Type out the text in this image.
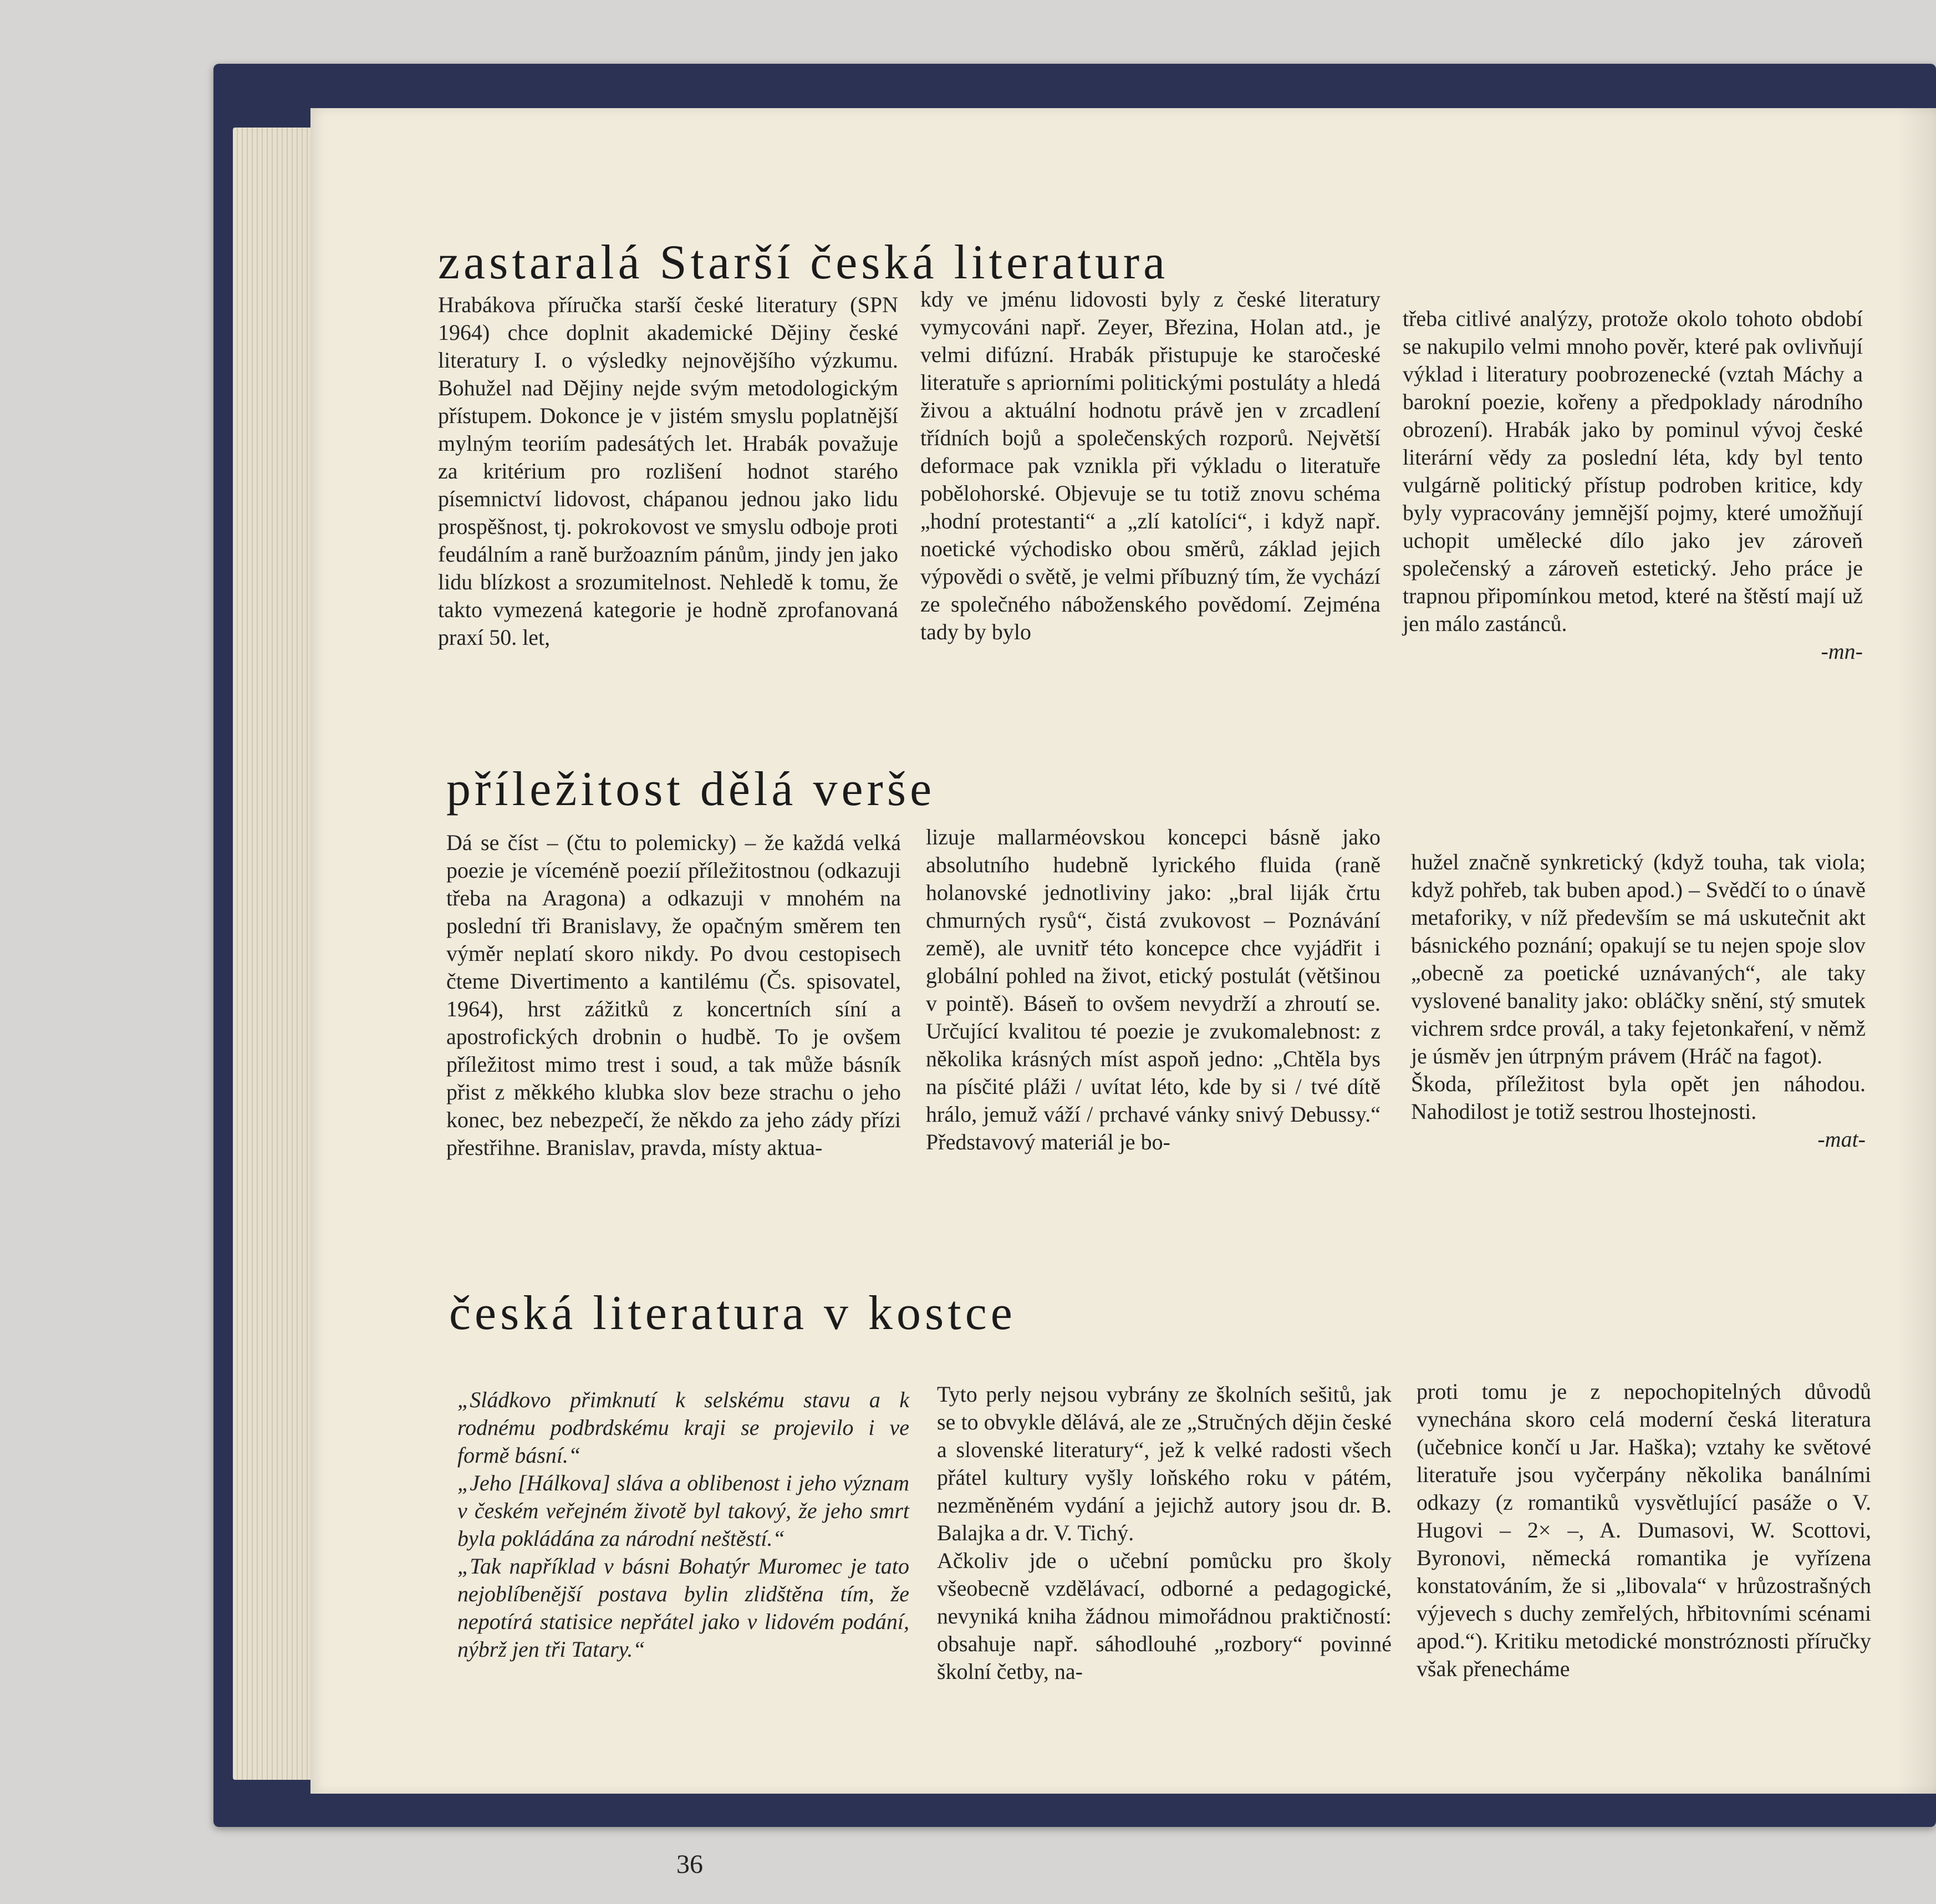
zastaralá Starší česká literatura
Hrabákova příručka starší české literatury (SPN 1964) chce doplnit akademické Dějiny české literatury I. o výsledky nejnovějšího výzkumu. Bohužel nad Dějiny nejde svým metodologickým přístupem. Dokonce je v jistém smyslu poplatnější mylným teoriím padesátých let. Hrabák považuje za kritérium pro rozlišení hodnot starého písemnictví lidovost, chápanou jednou jako lidu prospěšnost, tj. pokrokovost ve smyslu odboje proti feudálním a raně buržoazním pánům, jindy jen jako lidu blízkost a srozumitelnost. Nehledě k tomu, že takto vymezená kategorie je hodně zprofanovaná praxí 50. let,
kdy ve jménu lidovosti byly z české literatury vymycováni např. Zeyer, Březina, Holan atd., je velmi difúzní. Hrabák přistupuje ke staročeské literatuře s apriorními politickými postuláty a hledá živou a aktuální hodnotu právě jen v zrcadlení třídních bojů a společenských rozporů. Největší deformace pak vznikla při výkladu o literatuře pobělohorské. Objevuje se tu totiž znovu schéma „hodní protestanti“ a „zlí katolíci“, i když např. noetické východisko obou směrů, základ jejich výpovědi o světě, je velmi příbuzný tím, že vychází ze společného náboženského povědomí. Zejména tady by bylo

třeba citlivé analýzy, protože okolo tohoto období se nakupilo velmi mnoho pověr, které pak ovlivňují výklad i literatury poobrozenecké (vztah Máchy a barokní poezie, kořeny a předpoklady národního obrození). Hrabák jako by pominul vývoj české literární vědy za poslední léta, kdy byl tento vulgárně politický přístup podroben kritice, kdy byly vypracovány jemnější pojmy, které umožňují uchopit umělecké dílo jako jev zároveň společenský a zároveň estetický. Jeho práce je trapnou připomínkou metod, které na štěstí mají už jen málo zastánců.

-mn-

příležitost dělá verše
Dá se číst – (čtu to polemicky) – že každá velká poezie je víceméně poezií příležitostnou (odkazuji třeba na Aragona) a odkazuji v mnohém na poslední tři Branislavy, že opačným směrem ten výměr neplatí skoro nikdy. Po dvou cestopisech čteme Divertimento a kantilému (Čs. spisovatel, 1964), hrst zážitků z koncertních síní a apostrofických drobnin o hudbě. To je ovšem příležitost mimo trest i soud, a tak může básník přist z měkkého klubka slov beze strachu o jeho konec, bez nebezpečí, že někdo za jeho zády přízi přestřihne. Branislav, pravda, místy aktua-
lizuje mallarméovskou koncepci básně jako absolutního hudebně lyrického fluida (raně holanovské jednotliviny jako: „bral liják črtu chmurných rysů“, čistá zvukovost – Poznávání země), ale uvnitř této koncepce chce vyjádřit i globální pohled na život, etický postulát (většinou v pointě). Báseň to ovšem nevydrží a zhroutí se. Určující kvalitou té poezie je zvukomalebnost: z několika krásných míst aspoň jedno: „Chtěla bys na písčité pláži / uvítat léto, kde by si / tvé dítě hrálo, jemuž váží / prchavé vánky snivý Debussy.“ Představový materiál je bo-

hužel značně synkretický (když touha, tak viola; když pohřeb, tak buben apod.) – Svědčí to o únavě metaforiky, v níž především se má uskutečnit akt básnického poznání; opakují se tu nejen spoje slov „obecně za poetické uznávaných“, ale taky vyslovené banality jako: obláčky snění, stý smutek vichrem srdce provál, a taky fejetonkaření, v němž je úsměv jen útrpným právem (Hráč na fagot).
Škoda, příležitost byla opět jen náhodou. Nahodilost je totiž sestrou lhostejnosti.

-mat-

česká literatura v kostce
„Sládkovo přimknutí k selskému stavu a k rodnému podbrdskému kraji se projevilo i ve formě básní.“
„Jeho [Hálkova] sláva a oblibenost i jeho význam v českém veřejném životě byl takový, že jeho smrt byla pokládána za národní neštěstí.“
„Tak například v básni Bohatýr Muromec je tato nejoblíbenější postava bylin zlidštěna tím, že nepotírá statisice nepřátel jako v lidovém podání, nýbrž jen tři Tatary.“
Tyto perly nejsou vybrány ze školních sešitů, jak se to obvykle dělává, ale ze „Stručných dějin české a slovenské literatury“, jež k velké radosti všech přátel kultury vyšly loňského roku v pátém, nezměněném vydání a jejichž autory jsou dr. B. Balajka a dr. V. Tichý.
Ačkoliv jde o učební pomůcku pro školy všeobecně vzdělávací, odborné a pedagogické, nevyniká kniha žádnou mimořádnou praktičností: obsahuje např. sáhodlouhé „rozbory“ povinné školní četby, na-
proti tomu je z nepochopitelných důvodů vynechána skoro celá moderní česká literatura (učebnice končí u Jar. Haška); vztahy ke světové literatuře jsou vyčerpány několika banálními odkazy (z romantiků vysvětlující pasáže o V. Hugovi – 2× –, A. Dumasovi, W. Scottovi, Byronovi, německá romantika je vyřízena konstatováním, že si „libovala“ v hrůzostrašných výjevech s duchy zemřelých, hřbitovními scénami apod.“). Kritiku metodické monstróznosti příručky však přenecháme
36
